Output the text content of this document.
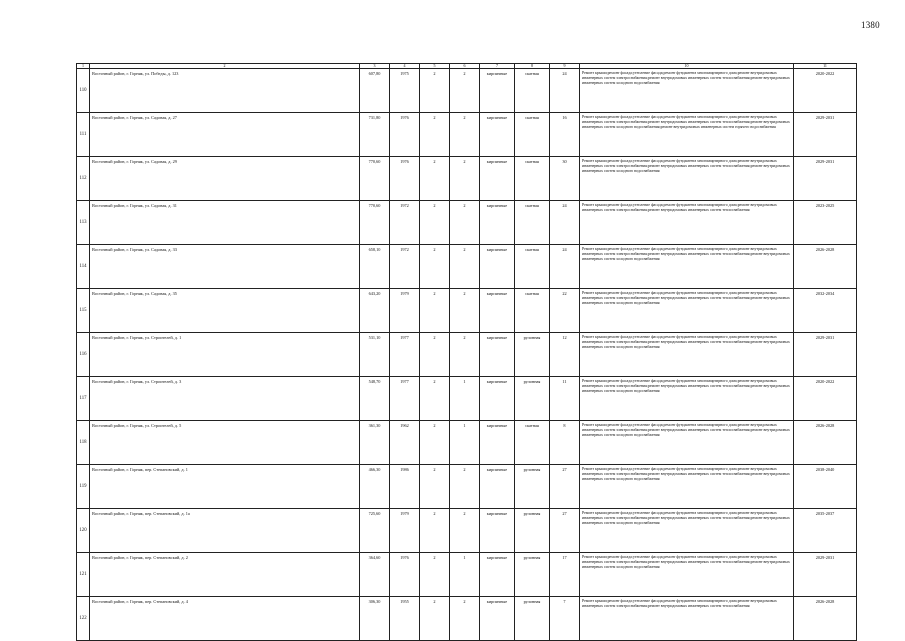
1380
1	2	3	4	5	6	7	8	9	10	11
110	Восточный район, г. Горняк, ул. Победы, д. 123	607,80	1975	2	2	кирпичные	скатная	24	Ремонт крыши;ремонт фасада;утепление фасада;ремонт фундамента многоквартирного дома;ремонт внутридомовых инженерных систем электроснабжения;ремонт внутридомовых инженерных систем теплоснабжения;ремонт внутридомовых инженерных систем холодного водоснабжения	2020-2022
111	Восточный район, г. Горняк, ул. Садовая, д. 27	731,80	1976	2	2	кирпичные	скатная	16	Ремонт крыши;ремонт фасада;утепление фасада;ремонт фундамента многоквартирного дома;ремонт внутридомовых инженерных систем электроснабжения;ремонт внутридомовых инженерных систем теплоснабжения;ремонт внутридомовых инженерных систем холодного водоснабжения;ремонт внутридомовых инженерных систем горячего водоснабжения	2029-2031
112	Восточный район, г. Горняк, ул. Садовая, д. 29	770,60	1976	2	2	кирпичные	скатная	30	Ремонт крыши;ремонт фасада;утепление фасада;ремонт фундамента многоквартирного дома;ремонт внутридомовых инженерных систем электроснабжения;ремонт внутридомовых инженерных систем теплоснабжения;ремонт внутридомовых инженерных систем холодного водоснабжения	2029-2031
113	Восточный район, г. Горняк, ул. Садовая, д. 31	770,60	1972	2	2	кирпичные	скатная	24	Ремонт крыши;ремонт фасада;утепление фасада;ремонт фундамента многоквартирного дома;ремонт внутридомовых инженерных систем электроснабжения;ремонт внутридомовых инженерных систем теплоснабжения	2023-2025
114	Восточный район, г. Горняк, ул. Садовая, д. 33	658,10	1972	2	2	кирпичные	скатная	24	Ремонт крыши;ремонт фасада;утепление фасада;ремонт фундамента многоквартирного дома;ремонт внутридомовых инженерных систем электроснабжения;ремонт внутридомовых инженерных систем теплоснабжения;ремонт внутридомовых инженерных систем холодного водоснабжения	2026-2028
115	Восточный район, г. Горняк, ул. Садовая, д. 35	643,20	1979	2	2	кирпичные	скатная	22	Ремонт крыши;ремонт фасада;утепление фасада;ремонт фундамента многоквартирного дома;ремонт внутридомовых инженерных систем электроснабжения;ремонт внутридомовых инженерных систем теплоснабжения;ремонт внутридомовых инженерных систем холодного водоснабжения	2032-2034
116	Восточный район, г. Горняк, ул. Строителей, д. 1	531,10	1977	2	2	кирпичные	рулонная	12	Ремонт крыши;ремонт фасада;утепление фасада;ремонт фундамента многоквартирного дома;ремонт внутридомовых инженерных систем электроснабжения;ремонт внутридомовых инженерных систем теплоснабжения;ремонт внутридомовых инженерных систем холодного водоснабжения	2029-2031
117	Восточный район, г. Горняк, ул. Строителей, д. 3	548,70	1977	2	1	кирпичные	рулонная	11	Ремонт крыши;ремонт фасада;утепление фасада;ремонт фундамента многоквартирного дома;ремонт внутридомовых инженерных систем электроснабжения;ремонт внутридомовых инженерных систем теплоснабжения;ремонт внутридомовых инженерных систем холодного водоснабжения	2020-2022
118	Восточный район, г. Горняк, ул. Строителей, д. 5	361,30	1962	2	1	кирпичные	скатная	8	Ремонт крыши;ремонт фасада;утепление фасада;ремонт фундамента многоквартирного дома;ремонт внутридомовых инженерных систем электроснабжения;ремонт внутридомовых инженерных систем теплоснабжения;ремонт внутридомовых инженерных систем холодного водоснабжения	2026-2028
119	Восточный район, г. Горняк, пер. Степановский, д. 1	466,30	1986	2	2	кирпичные	рулонная	27	Ремонт крыши;ремонт фасада;утепление фасада;ремонт фундамента многоквартирного дома;ремонт внутридомовых инженерных систем электроснабжения;ремонт внутридомовых инженерных систем теплоснабжения;ремонт внутридомовых инженерных систем холодного водоснабжения	2038-2040
120	Восточный район, г. Горняк, пер. Степановский, д. 1а	725,60	1979	2	2	кирпичные	рулонная	27	Ремонт крыши;ремонт фасада;утепление фасада;ремонт фундамента многоквартирного дома;ремонт внутридомовых инженерных систем электроснабжения;ремонт внутридомовых инженерных систем теплоснабжения;ремонт внутридомовых инженерных систем холодного водоснабжения	2035-2037
121	Восточный район, г. Горняк, пер. Степановский, д. 2	364,60	1976	2	1	кирпичные	рулонная	17	Ремонт крыши;ремонт фасада;утепление фасада;ремонт фундамента многоквартирного дома;ремонт внутридомовых инженерных систем электроснабжения;ремонт внутридомовых инженерных систем теплоснабжения;ремонт внутридомовых инженерных систем холодного водоснабжения	2029-2031
122	Восточный район, г. Горняк, пер. Степановский, д. 4	306,30	1955	2	2	кирпичные	рулонная	7	Ремонт крыши;ремонт фасада;утепление фасада;ремонт фундамента многоквартирного дома;ремонт внутридомовых инженерных систем электроснабжения;ремонт внутридомовых инженерных систем теплоснабжения	2026-2028
